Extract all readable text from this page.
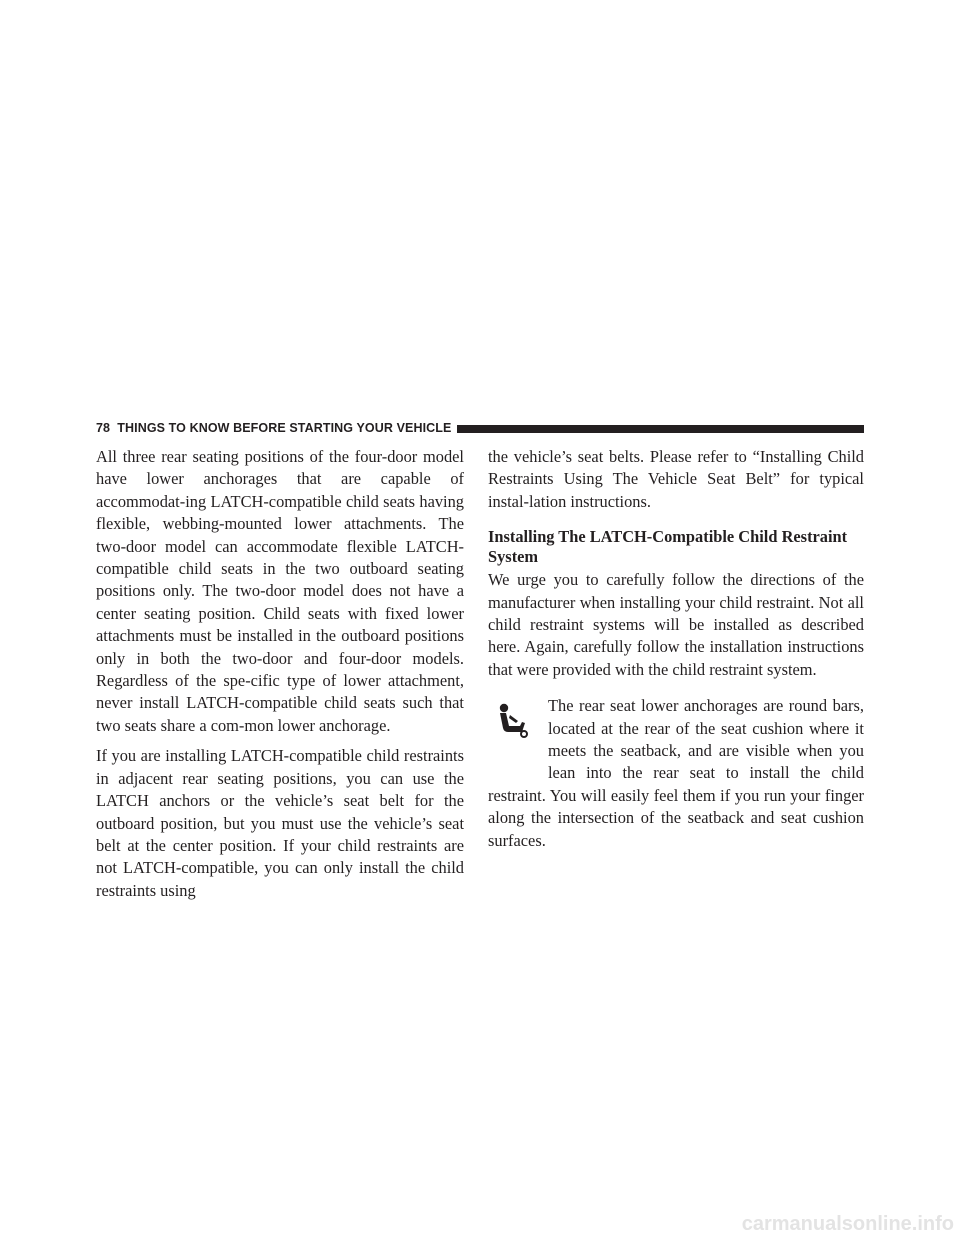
78 THINGS TO KNOW BEFORE STARTING YOUR VEHICLE

All three rear seating positions of the four-door model have lower anchorages that are capable of accommodat-ing LATCH-compatible child seats having flexible, webbing-mounted lower attachments. The two-door model can accommodate flexible LATCH-compatible child seats in the two outboard seating positions only. The two-door model does not have a center seating position. Child seats with fixed lower attachments must be installed in the outboard positions only in both the two-door and four-door models. Regardless of the spe-cific type of lower attachment, never install LATCH-compatible child seats such that two seats share a com-mon lower anchorage.

If you are installing LATCH-compatible child restraints in adjacent rear seating positions, you can use the LATCH anchors or the vehicle’s seat belt for the outboard position, but you must use the vehicle’s seat belt at the center position. If your child restraints are not LATCH-compatible, you can only install the child restraints using

the vehicle’s seat belts. Please refer to “Installing Child Restraints Using The Vehicle Seat Belt” for typical instal-lation instructions.

Installing The LATCH-Compatible Child Restraint System

We urge you to carefully follow the directions of the manufacturer when installing your child restraint. Not all child restraint systems will be installed as described here. Again, carefully follow the installation instructions that were provided with the child restraint system.

The rear seat lower anchorages are round bars, located at the rear of the seat cushion where it meets the seatback, and are visible when you lean into the rear seat to install the child restraint. You will easily feel them if you run your finger along the intersection of the seatback and seat cushion surfaces.

carmanualsonline.info
